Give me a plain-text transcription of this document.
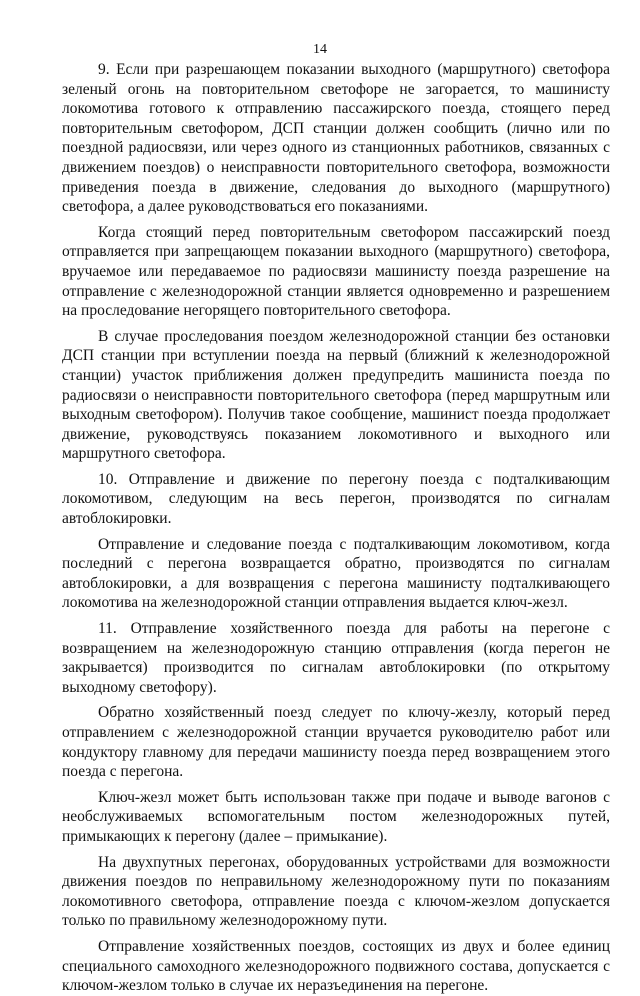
14

9. Если при разрешающем показании выходного (маршрутного) светофора зеленый огонь на повторительном светофоре не загорается, то машинисту локомотива готового к отправлению пассажирского поезда, стоящего перед повторительным светофором, ДСП станции должен сообщить (лично или по поездной радиосвязи, или через одного из станционных работников, связанных с движением поездов) о неисправности повторительного светофора, возможности приведения поезда в движение, следования до выходного (маршрутного) светофора, а далее руководствоваться его показаниями.

Когда стоящий перед повторительным светофором пассажирский поезд отправляется при запрещающем показании выходного (маршрутного) светофора, вручаемое или передаваемое по радиосвязи машинисту поезда разрешение на отправление с железнодорожной станции является одновременно и разрешением на проследование негорящего повторительного светофора.

В случае проследования поездом железнодорожной станции без остановки ДСП станции при вступлении поезда на первый (ближний к железнодорожной станции) участок приближения должен предупредить машиниста поезда по радиосвязи о неисправности повторительного светофора (перед маршрутным или выходным светофором). Получив такое сообщение, машинист поезда продолжает движение, руководствуясь показанием локомотивного и выходного или маршрутного светофора.

10. Отправление и движение по перегону поезда с подталкивающим локомотивом, следующим на весь перегон, производятся по сигналам автоблокировки.

Отправление и следование поезда с подталкивающим локомотивом, когда последний с перегона возвращается обратно, производятся по сигналам автоблокировки, а для возвращения с перегона машинисту подталкивающего локомотива на железнодорожной станции отправления выдается ключ-жезл.

11. Отправление хозяйственного поезда для работы на перегоне с возвращением на железнодорожную станцию отправления (когда перегон не закрывается) производится по сигналам автоблокировки (по открытому выходному светофору).

Обратно хозяйственный поезд следует по ключу-жезлу, который перед отправлением с железнодорожной станции вручается руководителю работ или кондуктору главному для передачи машинисту поезда перед возвращением этого поезда с перегона.

Ключ-жезл может быть использован также при подаче и выводе вагонов с необслуживаемых вспомогательным постом железнодорожных путей, примыкающих к перегону (далее – примыкание).

На двухпутных перегонах, оборудованных устройствами для возможности движения поездов по неправильному железнодорожному пути по показаниям локомотивного светофора, отправление поезда с ключом-жезлом допускается только по правильному железнодорожному пути.

Отправление хозяйственных поездов, состоящих из двух и более единиц специального самоходного железнодорожного подвижного состава, допускается с ключом-жезлом только в случае их неразъединения на перегоне.
